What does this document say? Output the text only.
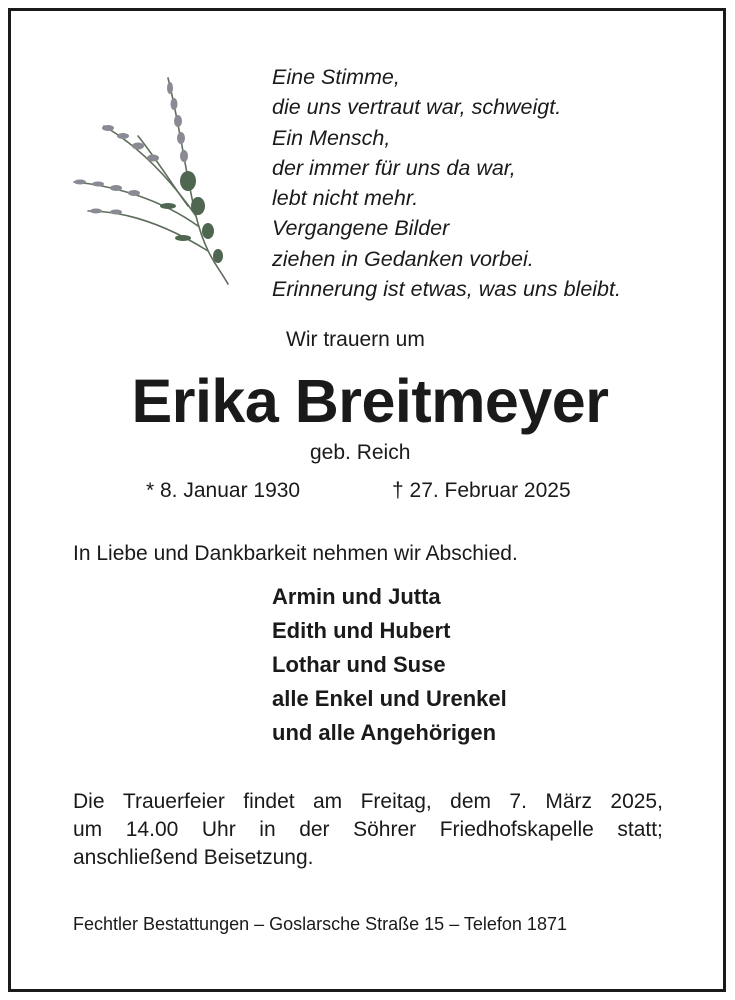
Eine Stimme,
die uns vertraut war, schweigt.
Ein Mensch,
der immer für uns da war,
lebt nicht mehr.
Vergangene Bilder
ziehen in Gedanken vorbei.
Erinnerung ist etwas, was uns bleibt.
Wir trauern um
Erika Breitmeyer
geb. Reich
* 8. Januar 1930	† 27. Februar 2025
In Liebe und Dankbarkeit nehmen wir Abschied.
Armin und Jutta
Edith und Hubert
Lothar und Suse
alle Enkel und Urenkel
und alle Angehörigen
Die Trauerfeier findet am Freitag, dem 7. März 2025,
um 14.00 Uhr in der Söhrer Friedhofskapelle statt;
anschließend Beisetzung.
Fechtler Bestattungen – Goslarsche Straße 15 – Telefon 1871
